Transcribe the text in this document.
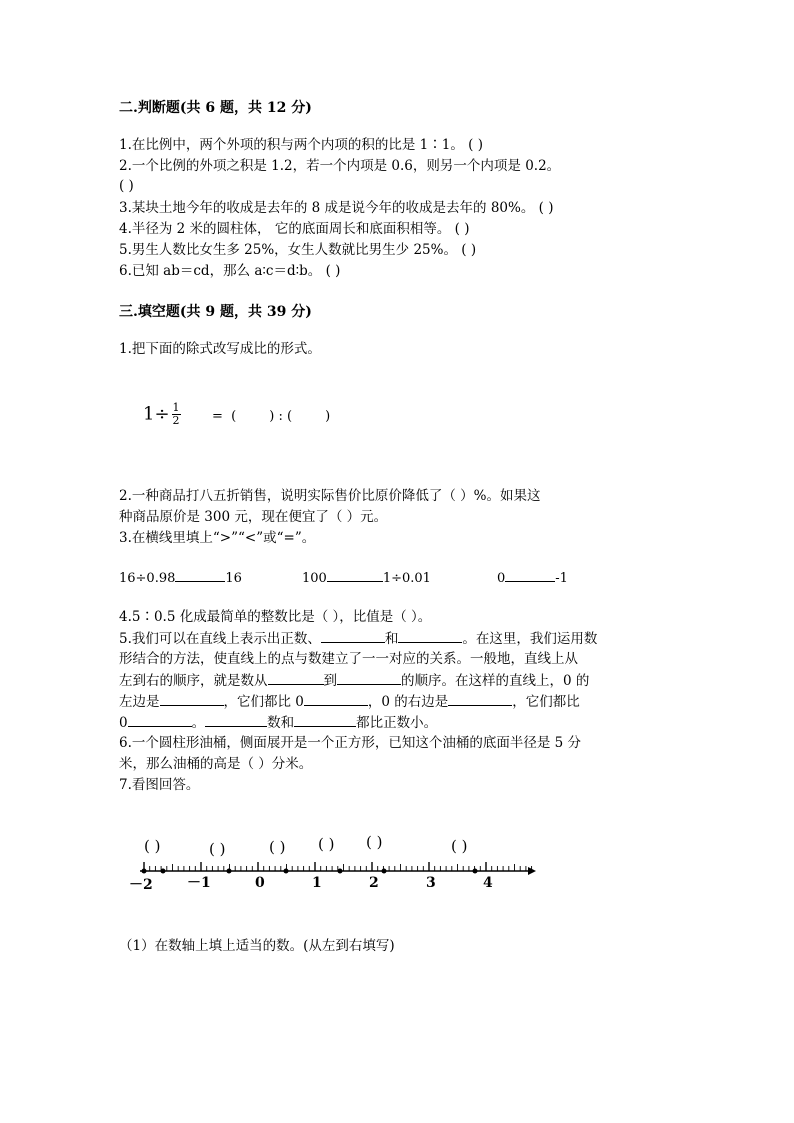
二.判断题(共 6 题，共 12 分)
1.在比例中，两个外项的积与两个内项的积的比是 1∶1。 ( )
2.一个比例的外项之积是 1.2，若一个内项是 0.6，则另一个内项是 0.2。
( )
3.某块土地今年的收成是去年的 8 成是说今年的收成是去年的 80%。 ( )
4.半径为 2 米的圆柱体， 它的底面周长和底面积相等。 ( )
5.男生人数比女生多 25%，女生人数就比男生少 25%。 ( )
6.已知 ab＝cd，那么 a∶c＝d∶b。 ( )
三.填空题(共 9 题，共 39 分)
1.把下面的除式改写成比的形式。
$1\div \frac{1}{2}$ =  (        ) : (        )
2.一种商品打八五折销售，说明实际售价比原价降低了（ ）%。如果这
种商品原价是 300 元，现在便宜了（ ）元。
3.在横线里填上“>”“<”或“=”。
16÷0.98	16	100	1÷0.01	0	-1
4.5∶0.5 化成最简单的整数比是（ ），比值是（ ）。
5.我们可以在直线上表示出正数、	和	。在这里，我们运用数
形结合的方法，使直线上的点与数建立了一一对应的关系。一般地，直线上从
左到右的顺序，就是数从	到	的顺序。在这样的直线上，0 的
左边是	，它们都比 0	，0 的右边是	，它们都比
0	。	数和	都比正数小。
6.一个圆柱形油桶，侧面展开是一个正方形，已知这个油桶的底面半径是 5 分
米，那么油桶的高是（ ）分米。
7.看图回答。
( )	( )	( ) ( ) ( )	( )
－2 －1	0	1	2	3	4
（1）在数轴上填上适当的数。(从左到右填写)
